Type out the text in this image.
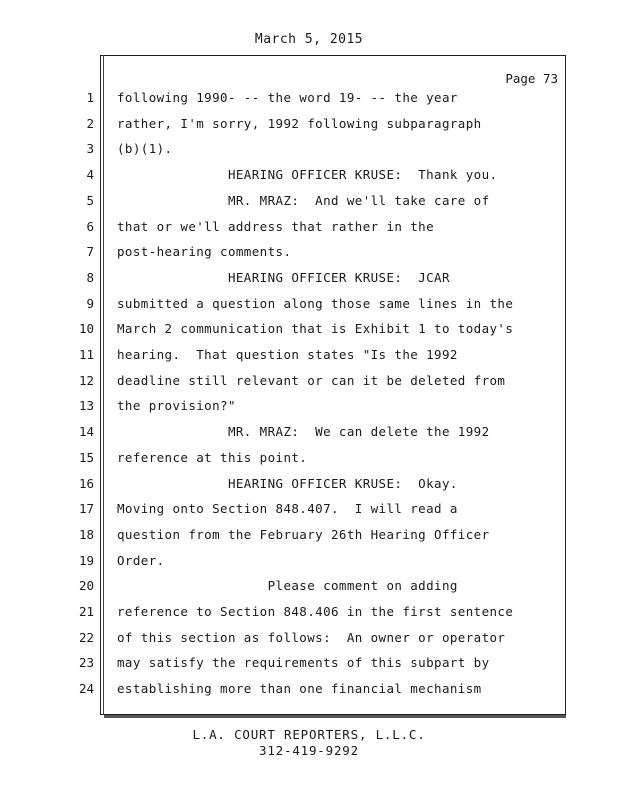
March 5, 2015
Page 73
1 following 1990- -- the word 19- -- the year
2 rather, I'm sorry, 1992 following subparagraph
3 (b)(1).
4 HEARING OFFICER KRUSE:  Thank you.
5 MR. MRAZ:  And we'll take care of
6 that or we'll address that rather in the
7 post-hearing comments.
8 HEARING OFFICER KRUSE:  JCAR
9 submitted a question along those same lines in the
10 March 2 communication that is Exhibit 1 to today's
11 hearing.  That question states "Is the 1992
12 deadline still relevant or can it be deleted from
13 the provision?"
14 MR. MRAZ:  We can delete the 1992
15 reference at this point.
16 HEARING OFFICER KRUSE:  Okay.
17 Moving onto Section 848.407.  I will read a
18 question from the February 26th Hearing Officer
19 Order.
20 Please comment on adding
21 reference to Section 848.406 in the first sentence
22 of this section as follows:  An owner or operator
23 may satisfy the requirements of this subpart by
24 establishing more than one financial mechanism
L.A. COURT REPORTERS, L.L.C.
312-419-9292
